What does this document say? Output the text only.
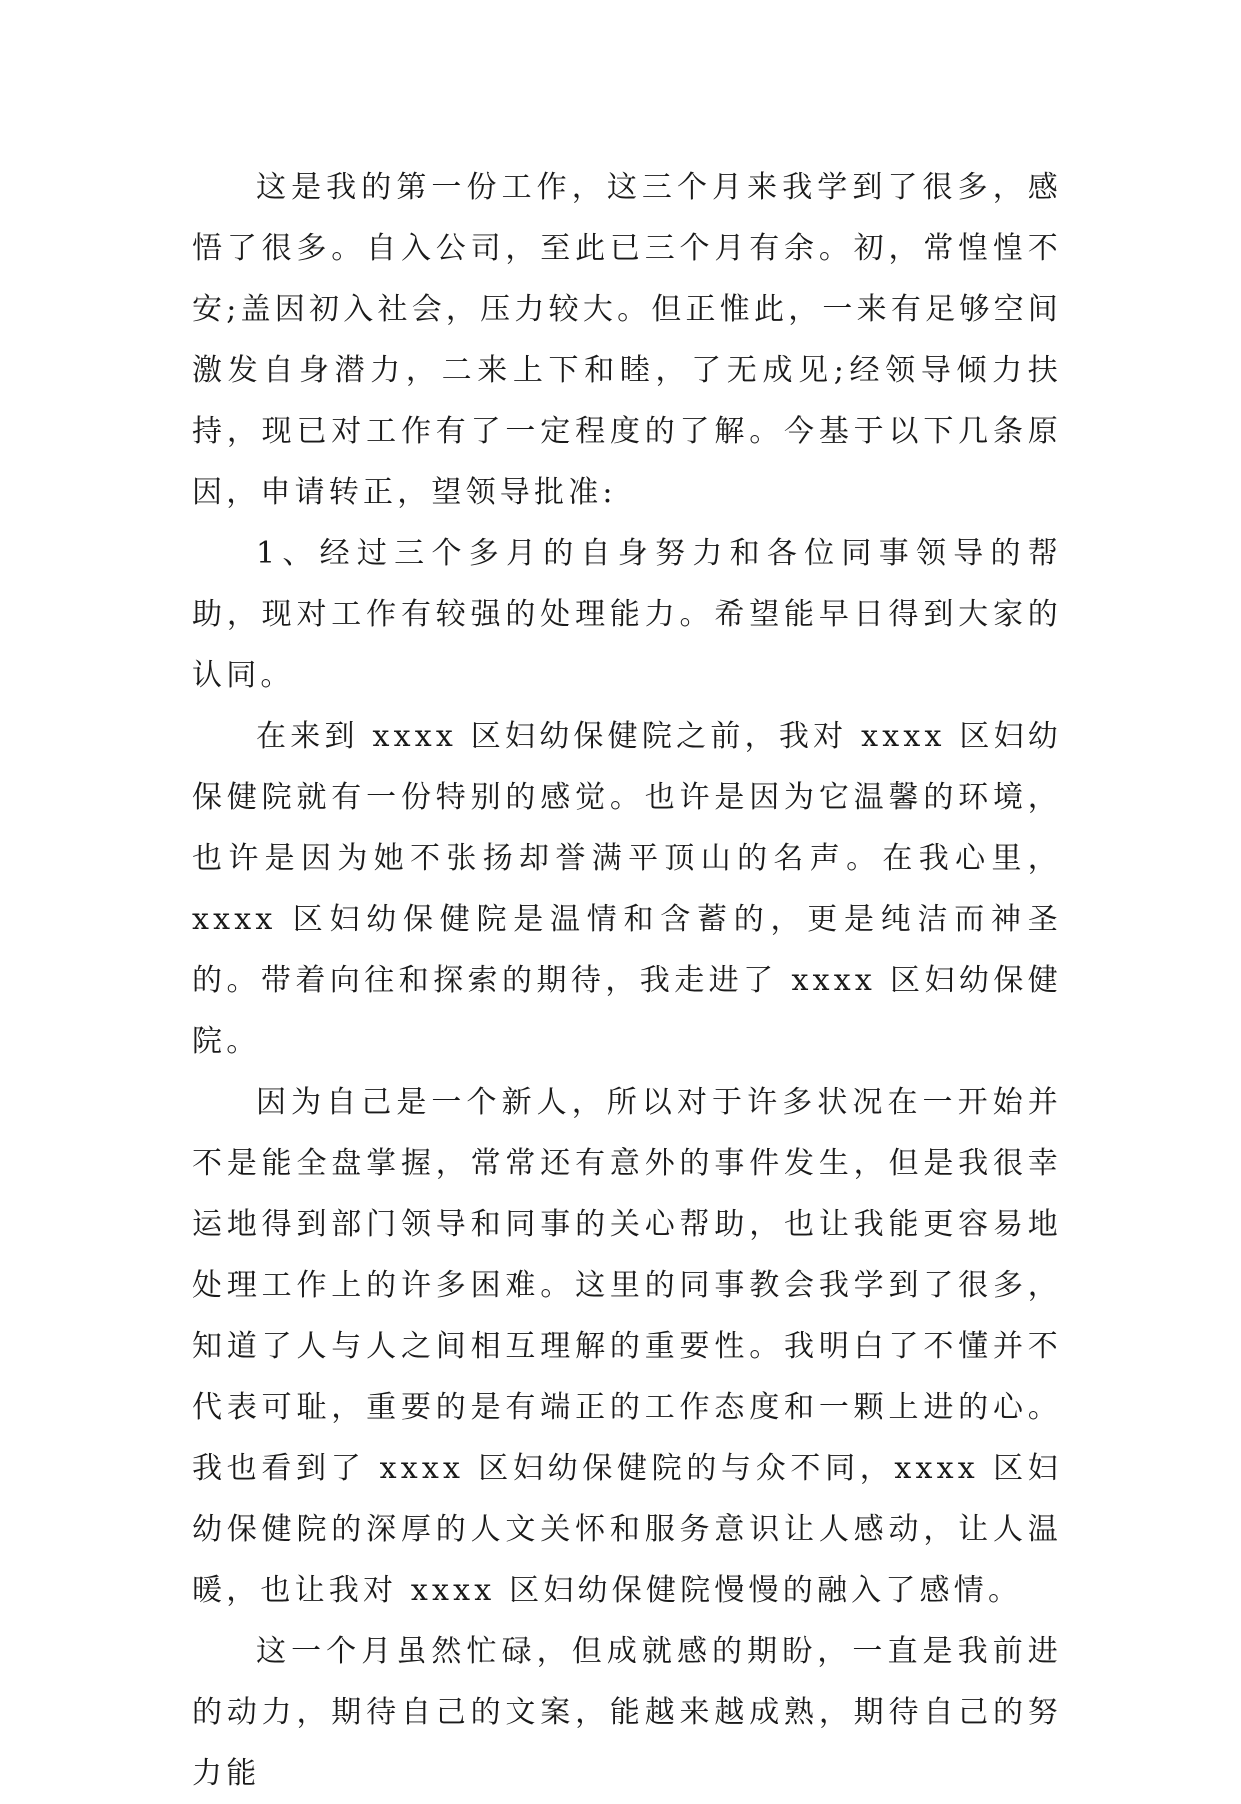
这是我的第一份工作，这三个月来我学到了很多，感悟了很多。自入公司，至此已三个月有余。初，常惶惶不安;盖因初入社会，压力较大。但正惟此，一来有足够空间激发自身潜力，二来上下和睦，了无成见;经领导倾力扶持，现已对工作有了一定程度的了解。今基于以下几条原因，申请转正，望领导批准:

1、经过三个多月的自身努力和各位同事领导的帮助，现对工作有较强的处理能力。希望能早日得到大家的认同。

在来到 xxxx 区妇幼保健院之前，我对 xxxx 区妇幼保健院就有一份特别的感觉。也许是因为它温馨的环境，也许是因为她不张扬却誉满平顶山的名声。在我心里，xxxx 区妇幼保健院是温情和含蓄的，更是纯洁而神圣的。带着向往和探索的期待，我走进了 xxxx 区妇幼保健院。

因为自己是一个新人，所以对于许多状况在一开始并不是能全盘掌握，常常还有意外的事件发生，但是我很幸运地得到部门领导和同事的关心帮助，也让我能更容易地处理工作上的许多困难。这里的同事教会我学到了很多，知道了人与人之间相互理解的重要性。我明白了不懂并不代表可耻，重要的是有端正的工作态度和一颗上进的心。我也看到了 xxxx 区妇幼保健院的与众不同，xxxx 区妇幼保健院的深厚的人文关怀和服务意识让人感动，让人温暖，也让我对 xxxx 区妇幼保健院慢慢的融入了感情。

这一个月虽然忙碌，但成就感的期盼，一直是我前进的动力，期待自己的文案，能越来越成熟，期待自己的努力能
